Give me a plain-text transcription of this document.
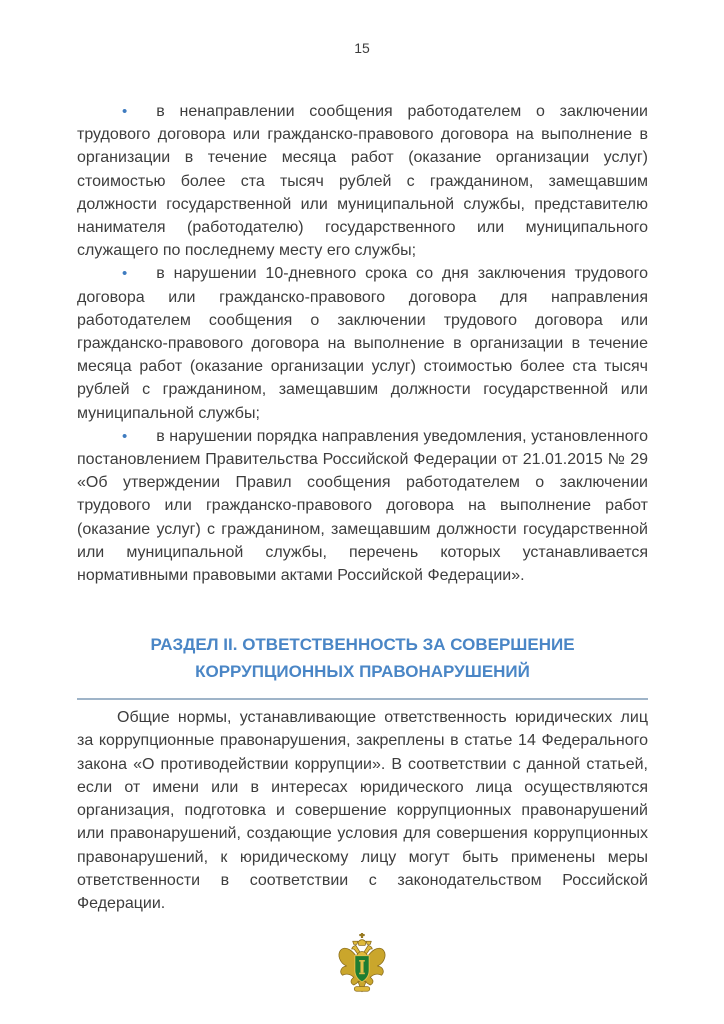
15

• в ненаправлении сообщения работодателем о заключении трудового договора или гражданско-правового договора на выполнение в организации в течение месяца работ (оказание организации услуг) стоимостью более ста тысяч рублей с гражданином, замещавшим должности государственной или муниципальной службы, представителю нанимателя (работодателю) государственного или муниципального служащего по последнему месту его службы;

• в нарушении 10-дневного срока со дня заключения трудового договора или гражданско-правового договора для направления работодателем сообщения о заключении трудового договора или гражданско-правового договора на выполнение в организации в течение месяца работ (оказание организации услуг) стоимостью более ста тысяч рублей с гражданином, замещавшим должности государственной или муниципальной службы;

• в нарушении порядка направления уведомления, установленного постановлением Правительства Российской Федерации от 21.01.2015 № 29 «Об утверждении Правил сообщения работодателем о заключении трудового или гражданско-правового договора на выполнение работ (оказание услуг) с гражданином, замещавшим должности государственной или муниципальной службы, перечень которых устанавливается нормативными правовыми актами Российской Федерации».

РАЗДЕЛ II. ОТВЕТСТВЕННОСТЬ ЗА СОВЕРШЕНИЕ
КОРРУПЦИОННЫХ ПРАВОНАРУШЕНИЙ

Общие нормы, устанавливающие ответственность юридических лиц за коррупционные правонарушения, закреплены в статье 14 Федерального закона «О противодействии коррупции». В соответствии с данной статьей, если от имени или в интересах юридического лица осуществляются организация, подготовка и совершение коррупционных правонарушений или правонарушений, создающие условия для совершения коррупционных правонарушений, к юридическому лицу могут быть применены меры ответственности в соответствии с законодательством Российской Федерации.
